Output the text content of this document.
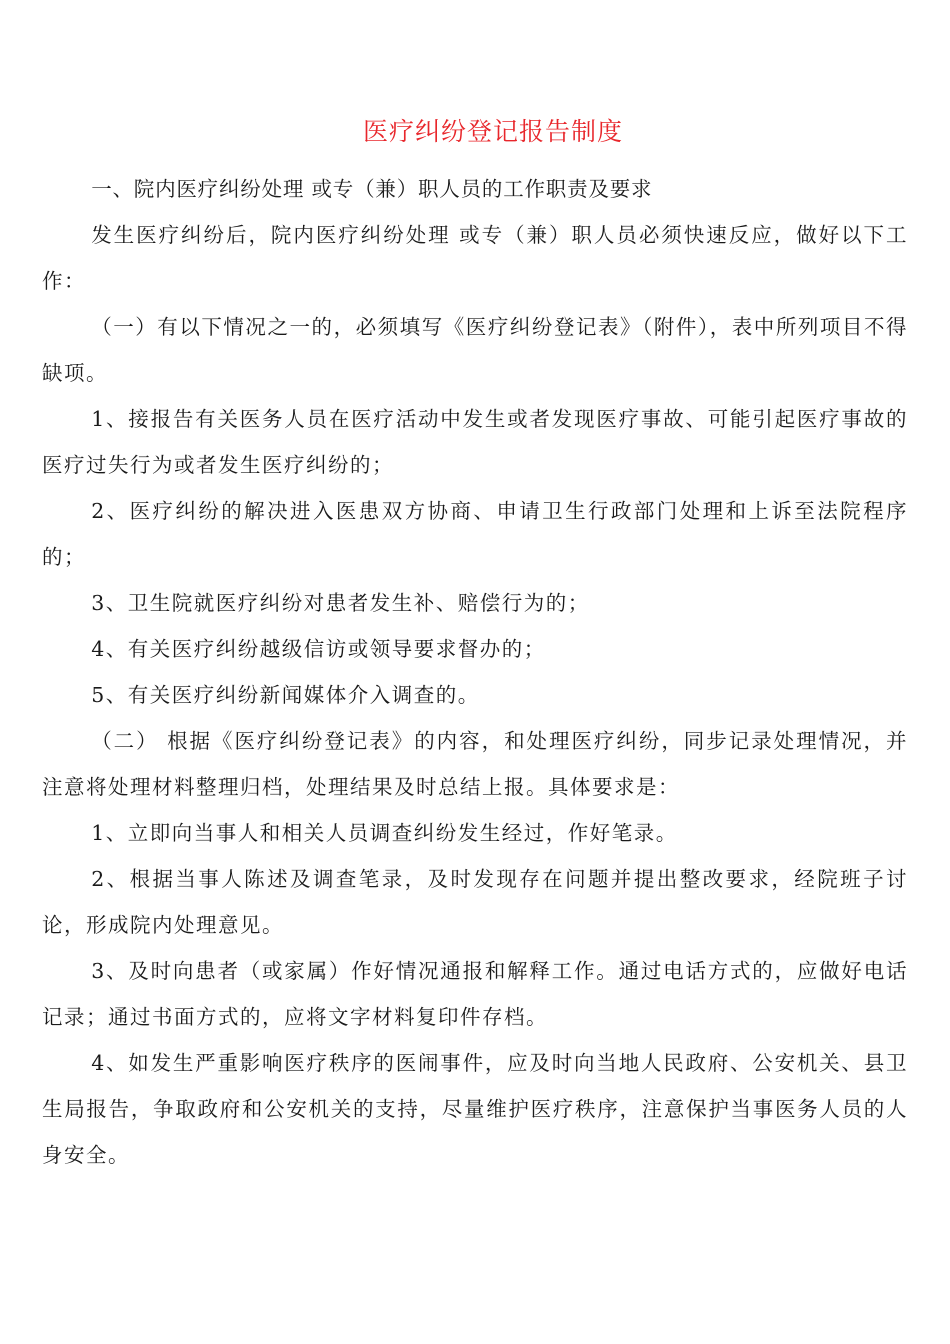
医疗纠纷登记报告制度

一、院内医疗纠纷处理 或专（兼）职人员的工作职责及要求

发生医疗纠纷后，院内医疗纠纷处理 或专（兼）职人员必须快速反应，做好以下工作：

（一）有以下情况之一的，必须填写《医疗纠纷登记表》（附件），表中所列项目不得缺项。

1、接报告有关医务人员在医疗活动中发生或者发现医疗事故、可能引起医疗事故的医疗过失行为或者发生医疗纠纷的；

2、医疗纠纷的解决进入医患双方协商、申请卫生行政部门处理和上诉至法院程序的；

3、卫生院就医疗纠纷对患者发生补、赔偿行为的；

4、有关医疗纠纷越级信访或领导要求督办的；

5、有关医疗纠纷新闻媒体介入调查的。

（二） 根据《医疗纠纷登记表》的内容，和处理医疗纠纷，同步记录处理情况，并注意将处理材料整理归档，处理结果及时总结上报。具体要求是：

1、立即向当事人和相关人员调查纠纷发生经过，作好笔录。

2、根据当事人陈述及调查笔录，及时发现存在问题并提出整改要求，经院班子讨论，形成院内处理意见。

3、及时向患者（或家属）作好情况通报和解释工作。通过电话方式的，应做好电话记录；通过书面方式的，应将文字材料复印件存档。

4、如发生严重影响医疗秩序的医闹事件，应及时向当地人民政府、公安机关、县卫生局报告，争取政府和公安机关的支持，尽量维护医疗秩序，注意保护当事医务人员的人身安全。
